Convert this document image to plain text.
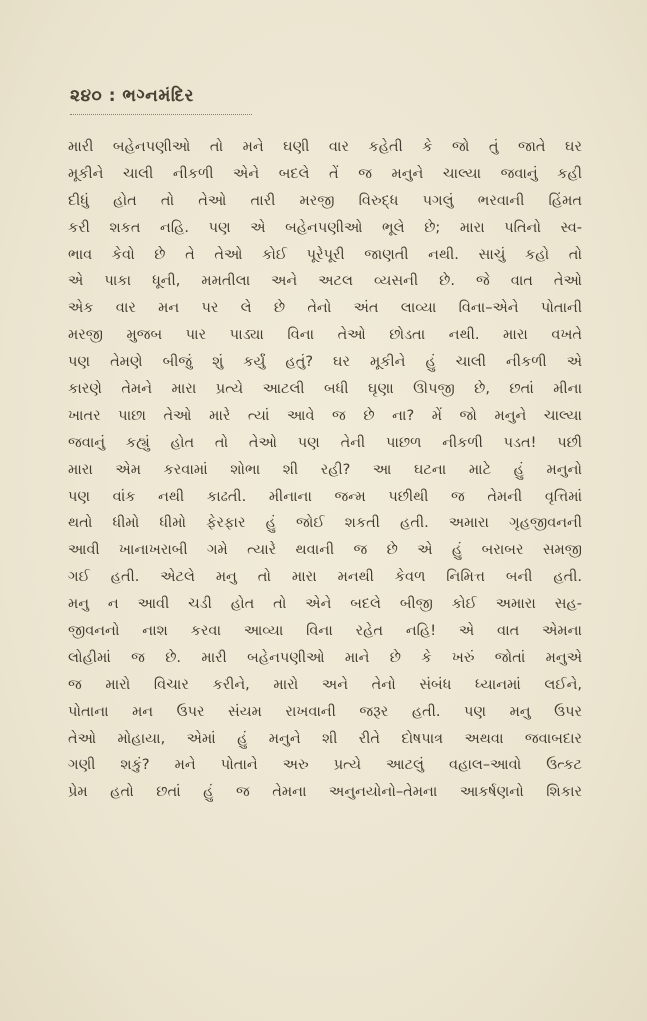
૨૪૦ : ભગ્નમંદિર
મારી બહેનપણીઓ તો મને ઘણી વાર કહેતી કે જો તું જાતે ઘર
મૂકીને ચાલી નીકળી એને બદલે તેં જ મનુને ચાલ્યા જવાનું કહી
દીધું હોત તો તેઓ તારી મરજી વિરુદ્ધ પગલું ભરવાની હિંમત
કરી શકત નહિ. પણ એ બહેનપણીઓ ભૂલે છે; મારા પતિનો સ્વ-
ભાવ કેવો છે તે તેઓ કોઈ પૂરેપૂરી જાણતી નથી. સાચું કહો તો
એ પાકા ધૂની, મમતીલા અને અટલ વ્યસની છે. જે વાત તેઓ
એક વાર મન પર લે છે તેનો અંત લાવ્યા વિના–એને પોતાની
મરજી મુજબ પાર પાડ્યા વિના તેઓ છોડતા નથી. મારા વખતે
પણ તેમણે બીજું શું કર્યું હતું? ઘર મૂકીને હું ચાલી નીકળી એ
કારણે તેમને મારા પ્રત્યે આટલી બધી ઘૃણા ઊપજી છે, છતાં મીના
ખાતર પાછા તેઓ મારે ત્યાં આવે જ છે ના? મેં જો મનુને ચાલ્યા
જવાનું કહ્યું હોત તો તેઓ પણ તેની પાછળ નીકળી પડત! પછી
મારા એમ કરવામાં શોભા શી રહી? આ ઘટના માટે હું મનુનો
પણ વાંક નથી કાઢતી. મીનાના જન્મ પછીથી જ તેમની વૃત્તિમાં
થતો ધીમો ધીમો ફેરફાર હું જોઈ શકતી હતી. અમારા ગૃહજીવનની
આવી ખાનાખરાબી ગમે ત્યારે થવાની જ છે એ હું બરાબર સમજી
ગઈ હતી. એટલે મનુ તો મારા મનથી કેવળ નિમિત્ત બની હતી.
મનુ ન આવી ચડી હોત તો એને બદલે બીજી કોઈ અમારા સહ-
જીવનનો નાશ કરવા આવ્યા વિના રહેત નહિ! એ વાત એમના
લોહીમાં જ છે. મારી બહેનપણીઓ માને છે કે ખરું જોતાં મનુએ
જ મારો વિચાર કરીને, મારો અને તેનો સંબંધ ધ્યાનમાં લઈને,
પોતાના મન ઉપર સંયમ રાખવાની જરૂર હતી. પણ મનુ ઉપર
તેઓ મોહાયા, એમાં હું મનુને શી રીતે દોષપાત્ર અથવા જવાબદાર
ગણી શકું? મને પોતાને અરુ પ્રત્યે આટલું વહાલ–આવો ઉત્કટ
પ્રેમ હતો છતાં હું જ તેમના અનુનયોનો–તેમના આકર્ષણનો શિકાર
